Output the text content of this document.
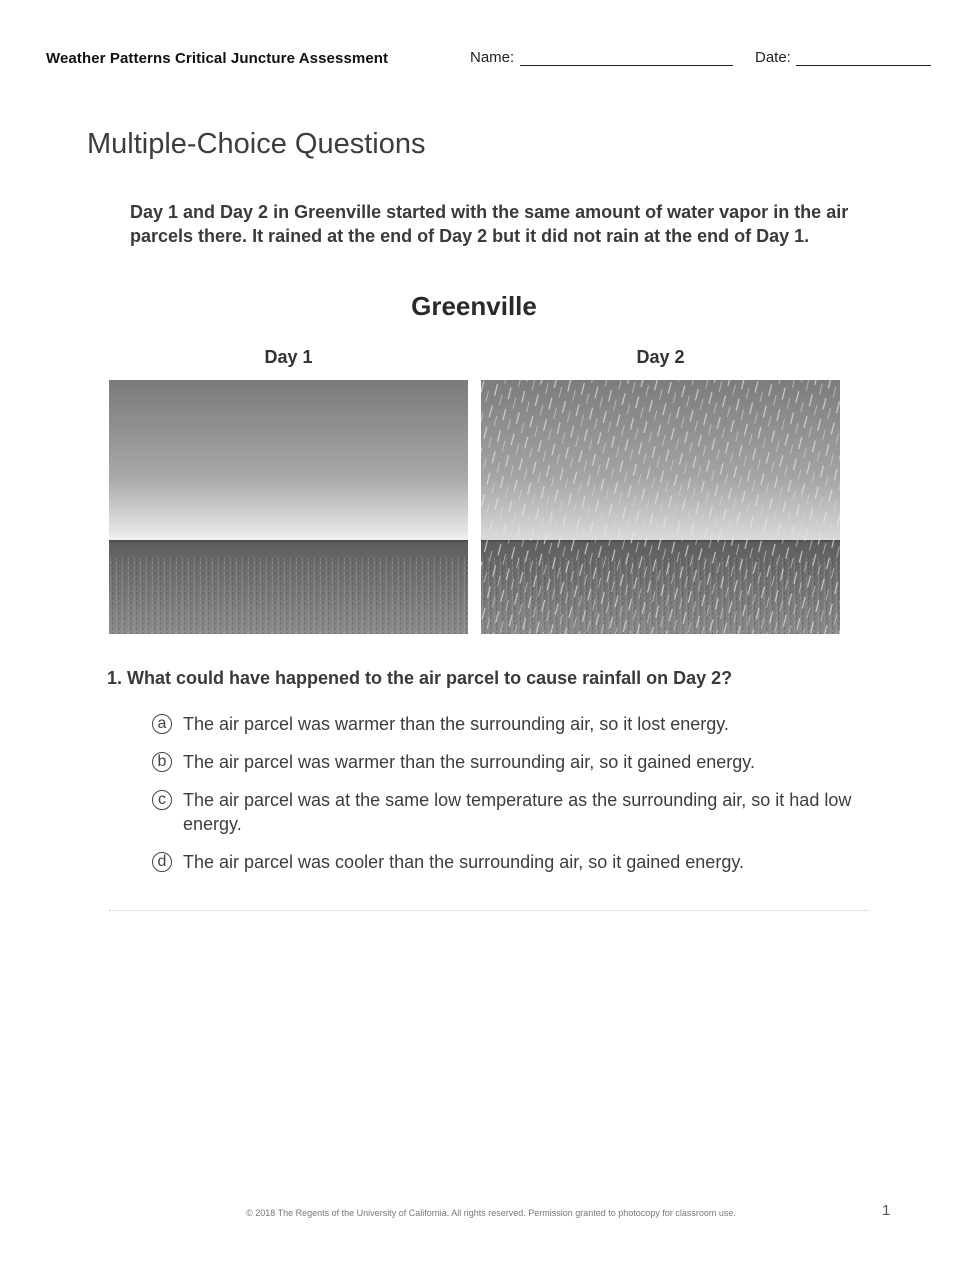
Weather Patterns Critical Juncture Assessment	Name:	Date:
Multiple-Choice Questions
Day 1 and Day 2 in Greenville started with the same amount of water vapor in the air parcels there. It rained at the end of Day 2 but it did not rain at the end of Day 1.
Greenville
Day 1	Day 2
1. What could have happened to the air parcel to cause rainfall on Day 2?
a The air parcel was warmer than the surrounding air, so it lost energy.
b The air parcel was warmer than the surrounding air, so it gained energy.
c The air parcel was at the same low temperature as the surrounding air, so it had low energy.
d The air parcel was cooler than the surrounding air, so it gained energy.
© 2018 The Regents of the University of California. All rights reserved. Permission granted to photocopy for classroom use.	1
